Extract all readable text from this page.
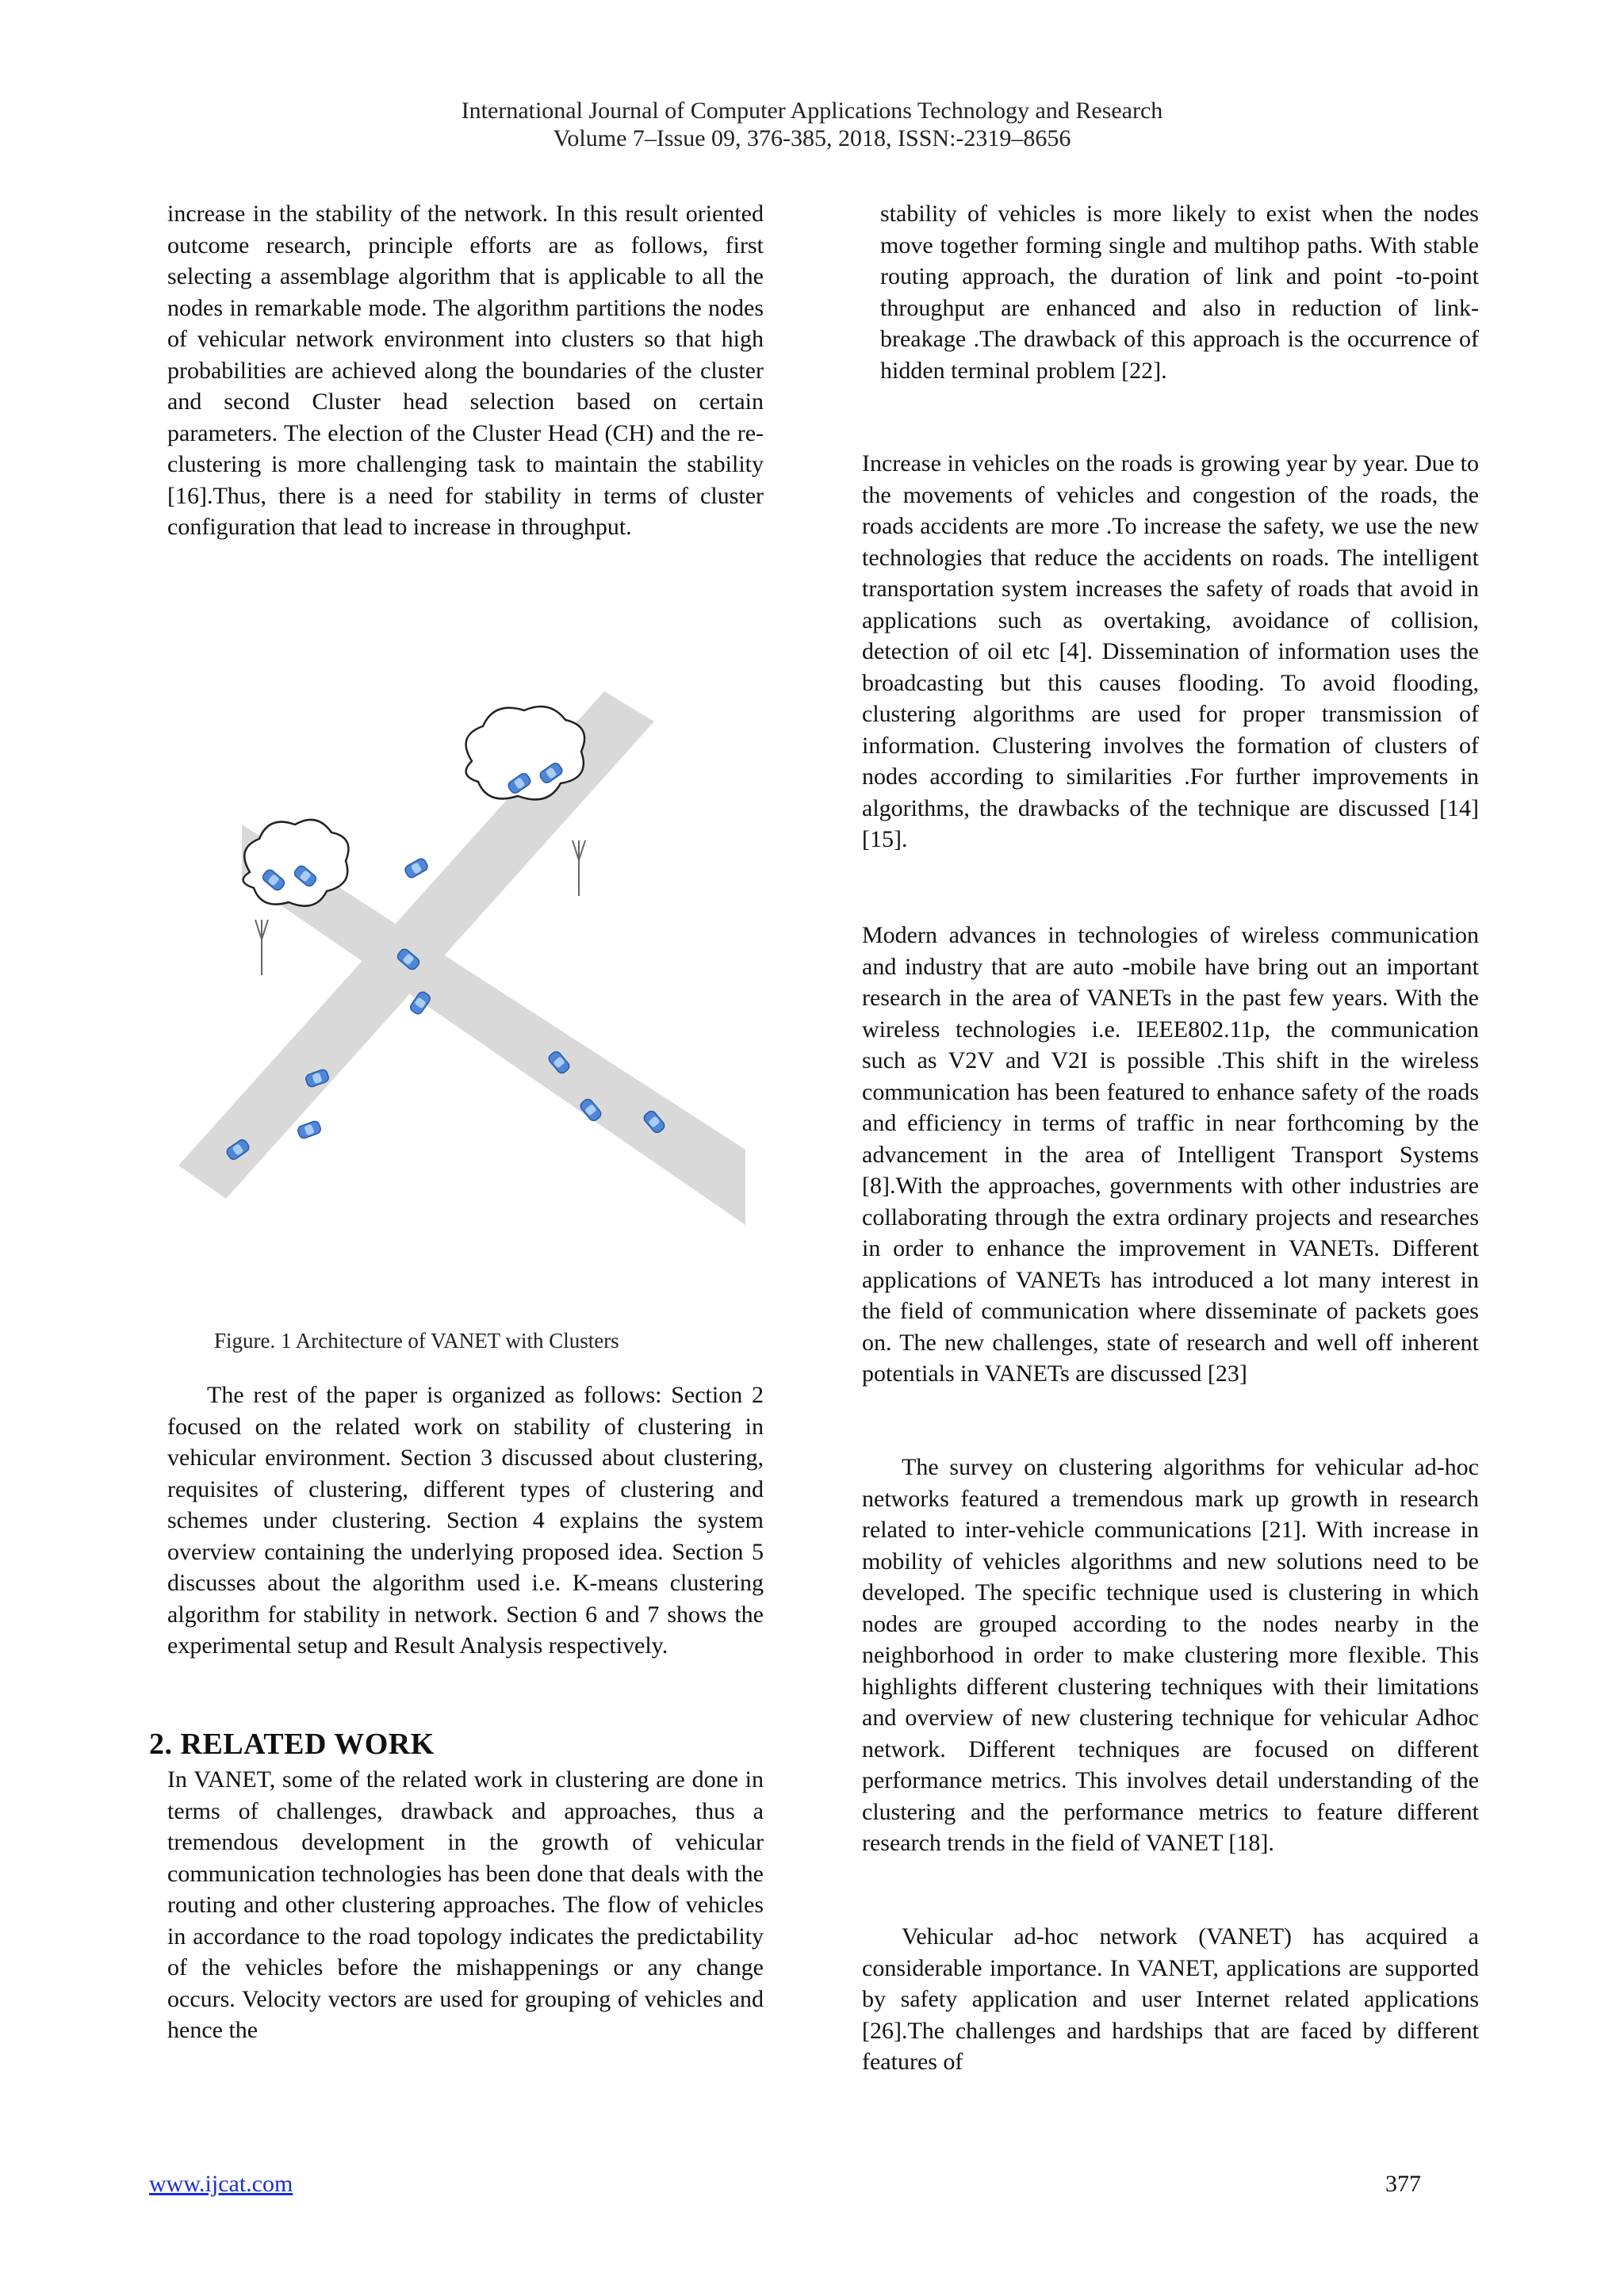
International Journal of Computer Applications Technology and Research
Volume 7–Issue 09, 376-385, 2018, ISSN:-2319–8656

increase in the stability of the network. In this result oriented outcome research, principle efforts are as follows, first selecting a assemblage algorithm that is applicable to all the nodes in remarkable mode. The algorithm partitions the nodes of vehicular network environment into clusters so that high probabilities are achieved along the boundaries of the cluster and second Cluster head selection based on certain parameters. The election of the Cluster Head (CH) and the re- clustering is more challenging task to maintain the stability [16].Thus, there is a need for stability in terms of cluster configuration that lead to increase in throughput.

Figure. 1 Architecture of VANET with Clusters

The rest of the paper is organized as follows: Section 2 focused on the related work on stability of clustering in vehicular environment. Section 3 discussed about clustering, requisites of clustering, different types of clustering and schemes under clustering. Section 4 explains the system overview containing the underlying proposed idea. Section 5 discusses about the algorithm used i.e. K-means clustering algorithm for stability in network. Section 6 and 7 shows the experimental setup and Result Analysis respectively.

2. RELATED WORK

In VANET, some of the related work in clustering are done in terms of challenges, drawback and approaches, thus a tremendous development in the growth of vehicular communication technologies has been done that deals with the routing and other clustering approaches. The flow of vehicles in accordance to the road topology indicates the predictability of the vehicles before the mishappenings or any change occurs. Velocity vectors are used for grouping of vehicles and hence the

stability of vehicles is more likely to exist when the nodes move together forming single and multihop paths. With stable routing approach, the duration of link and point -to-point throughput are enhanced and also in reduction of link-breakage .The drawback of this approach is the occurrence of hidden terminal problem [22].

Increase in vehicles on the roads is growing year by year. Due to the movements of vehicles and congestion of the roads, the roads accidents are more .To increase the safety, we use the new technologies that reduce the accidents on roads. The intelligent transportation system increases the safety of roads that avoid in applications such as overtaking, avoidance of collision, detection of oil etc [4]. Dissemination of information uses the broadcasting but this causes flooding. To avoid flooding, clustering algorithms are used for proper transmission of information. Clustering involves the formation of clusters of nodes according to similarities .For further improvements in algorithms, the drawbacks of the technique are discussed [14] [15].

Modern advances in technologies of wireless communication and industry that are auto -mobile have bring out an important research in the area of VANETs in the past few years. With the wireless technologies i.e. IEEE802.11p, the communication such as V2V and V2I is possible .This shift in the wireless communication has been featured to enhance safety of the roads and efficiency in terms of traffic in near forthcoming by the advancement in the area of Intelligent Transport Systems [8].With the approaches, governments with other industries are collaborating through the extra ordinary projects and researches in order to enhance the improvement in VANETs. Different applications of VANETs has introduced a lot many interest in the field of communication where disseminate of packets goes on. The new challenges, state of research and well off inherent potentials in VANETs are discussed [23]

The survey on clustering algorithms for vehicular ad-hoc networks featured a tremendous mark up growth in research related to inter-vehicle communications [21]. With increase in mobility of vehicles algorithms and new solutions need to be developed. The specific technique used is clustering in which nodes are grouped according to the nodes nearby in the neighborhood in order to make clustering more flexible. This highlights different clustering techniques with their limitations and overview of new clustering technique for vehicular Adhoc network. Different techniques are focused on different performance metrics. This involves detail understanding of the clustering and the performance metrics to feature different research trends in the field of VANET [18].

Vehicular ad-hoc network (VANET) has acquired a considerable importance. In VANET, applications are supported by safety application and user Internet related applications [26].The challenges and hardships that are faced by different features of

www.ijcat.com	377
